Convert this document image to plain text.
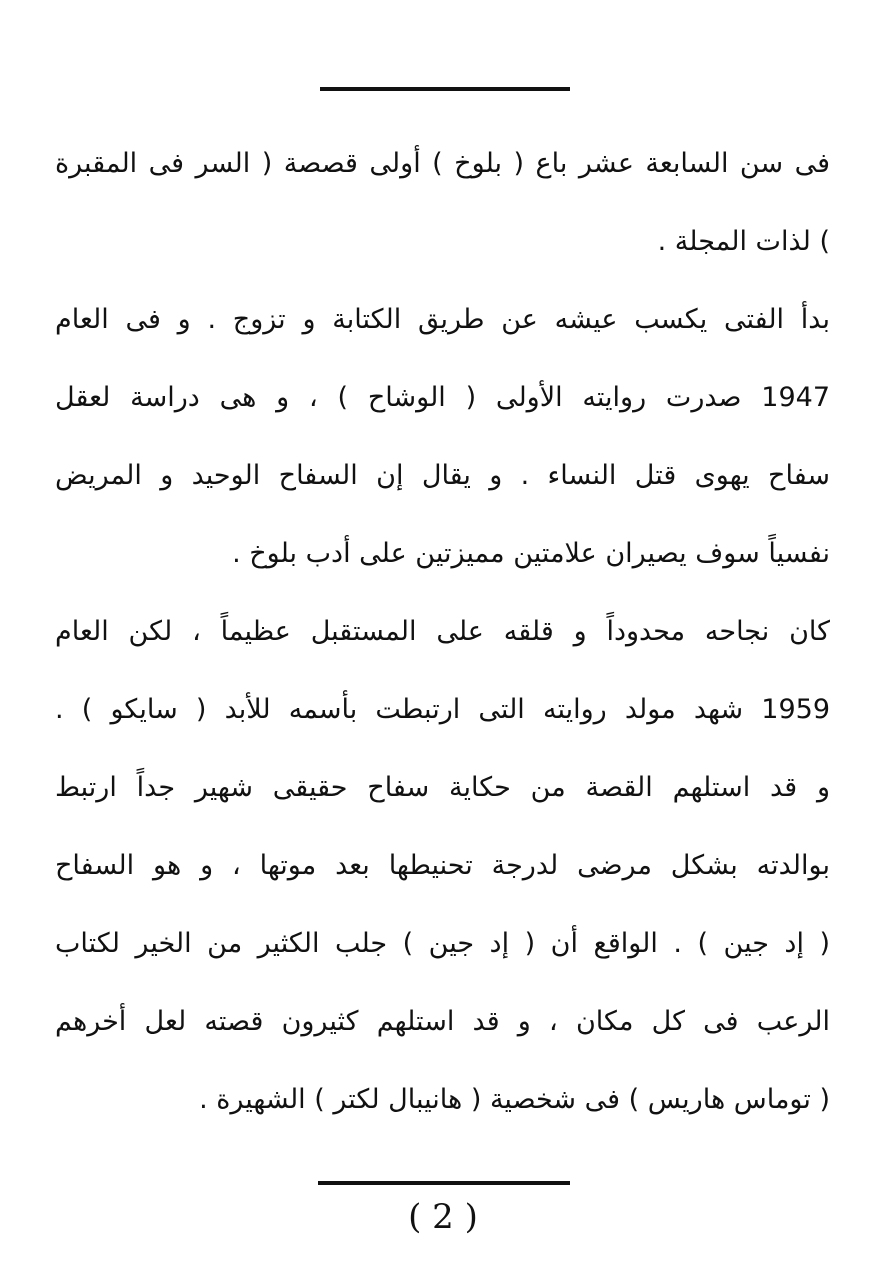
فى سن السابعة عشر باع ( بلوخ ) أولى قصصة ( السر فى المقبرة
) لذات المجلة .
بدأ الفتى يكسب عيشه عن طريق الكتابة و تزوج . و فى العام
1947 صدرت روايته الأولى ( الوشاح ) ، و هى دراسة لعقل
سفاح يهوى قتل النساء . و يقال إن السفاح الوحيد و المريض
نفسياً سوف يصيران علامتين مميزتين على أدب بلوخ .
كان نجاحه محدوداً و قلقه على المستقبل عظيماً ، لكن العام
1959 شهد مولد روايته التى ارتبطت بأسمه للأبد ( سايكو ) .
و قد استلهم القصة من حكاية سفاح حقيقى شهير جداً ارتبط
بوالدته بشكل مرضى لدرجة تحنيطها بعد موتها ، و هو السفاح
( إد جين ) . الواقع أن ( إد جين ) جلب الكثير من الخير لكتاب
الرعب فى كل مكان ، و قد استلهم كثيرون قصته لعل أخرهم
( توماس هاريس ) فى شخصية ( هانيبال لكتر ) الشهيرة .
( 2 )
